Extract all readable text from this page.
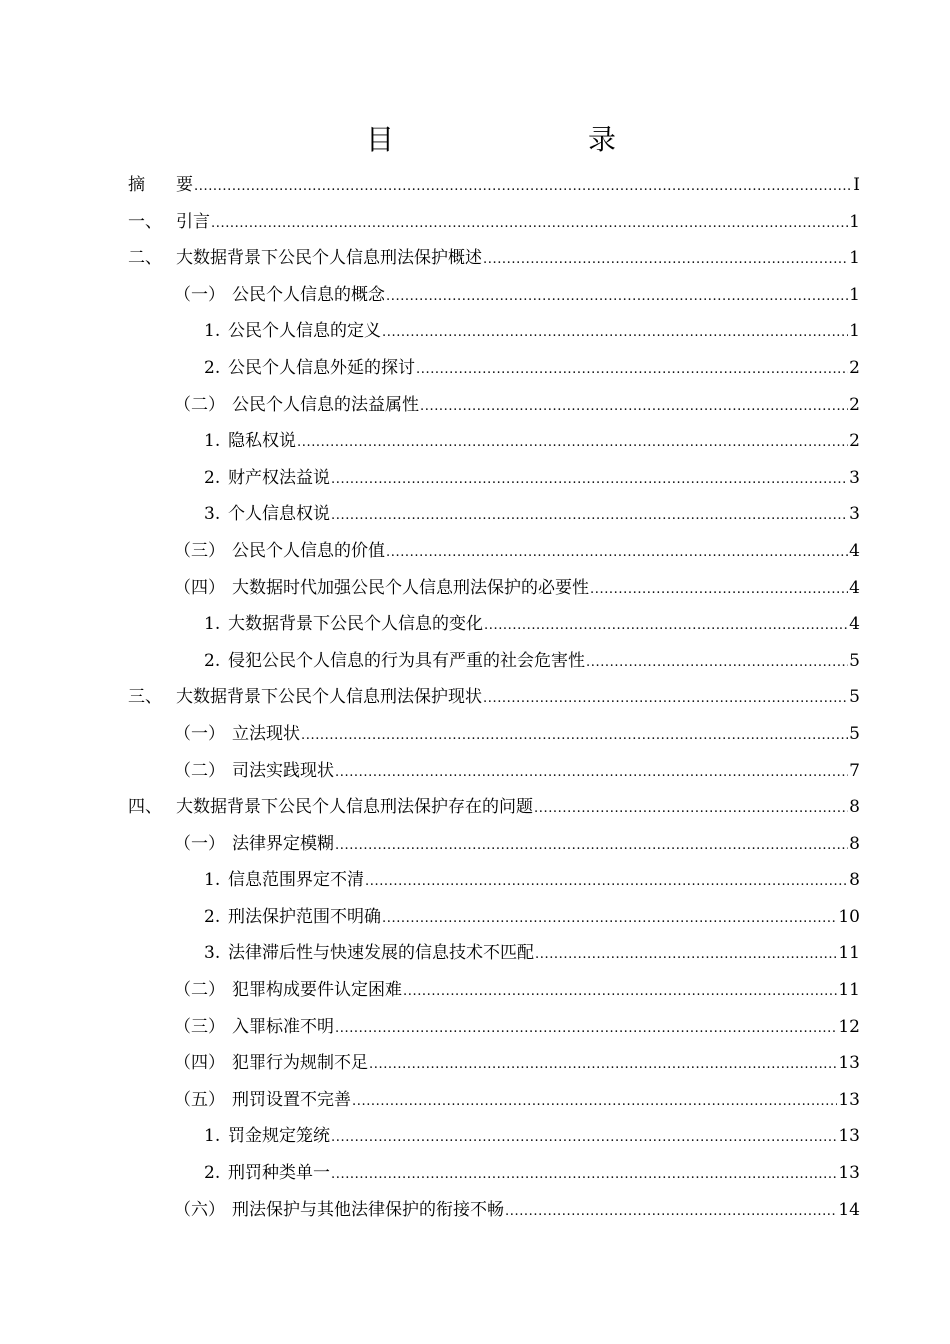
目　　录
摘	要 .....	I
一、 引言 .....	1
二、 大数据背景下公民个人信息刑法保护概述 .....	1
（一） 公民个人信息的概念 .....	1
1. 公民个人信息的定义 .....	1
2. 公民个人信息外延的探讨 .....	2
（二） 公民个人信息的法益属性 .....	2
1. 隐私权说 .....	2
2. 财产权法益说 .....	3
3. 个人信息权说 .....	3
（三） 公民个人信息的价值 .....	4
（四） 大数据时代加强公民个人信息刑法保护的必要性 .....	4
1. 大数据背景下公民个人信息的变化 .....	4
2. 侵犯公民个人信息的行为具有严重的社会危害性 .....	5
三、 大数据背景下公民个人信息刑法保护现状 .....	5
（一） 立法现状 .....	5
（二） 司法实践现状 .....	7
四、 大数据背景下公民个人信息刑法保护存在的问题 .....	8
（一） 法律界定模糊 .....	8
1. 信息范围界定不清 .....	8
2. 刑法保护范围不明确 .....	10
3. 法律滞后性与快速发展的信息技术不匹配 .....	11
（二） 犯罪构成要件认定困难 .....	11
（三） 入罪标准不明 .....	12
（四） 犯罪行为规制不足 .....	13
（五） 刑罚设置不完善 .....	13
1. 罚金规定笼统 .....	13
2. 刑罚种类单一 .....	13
（六） 刑法保护与其他法律保护的衔接不畅 .....	14
